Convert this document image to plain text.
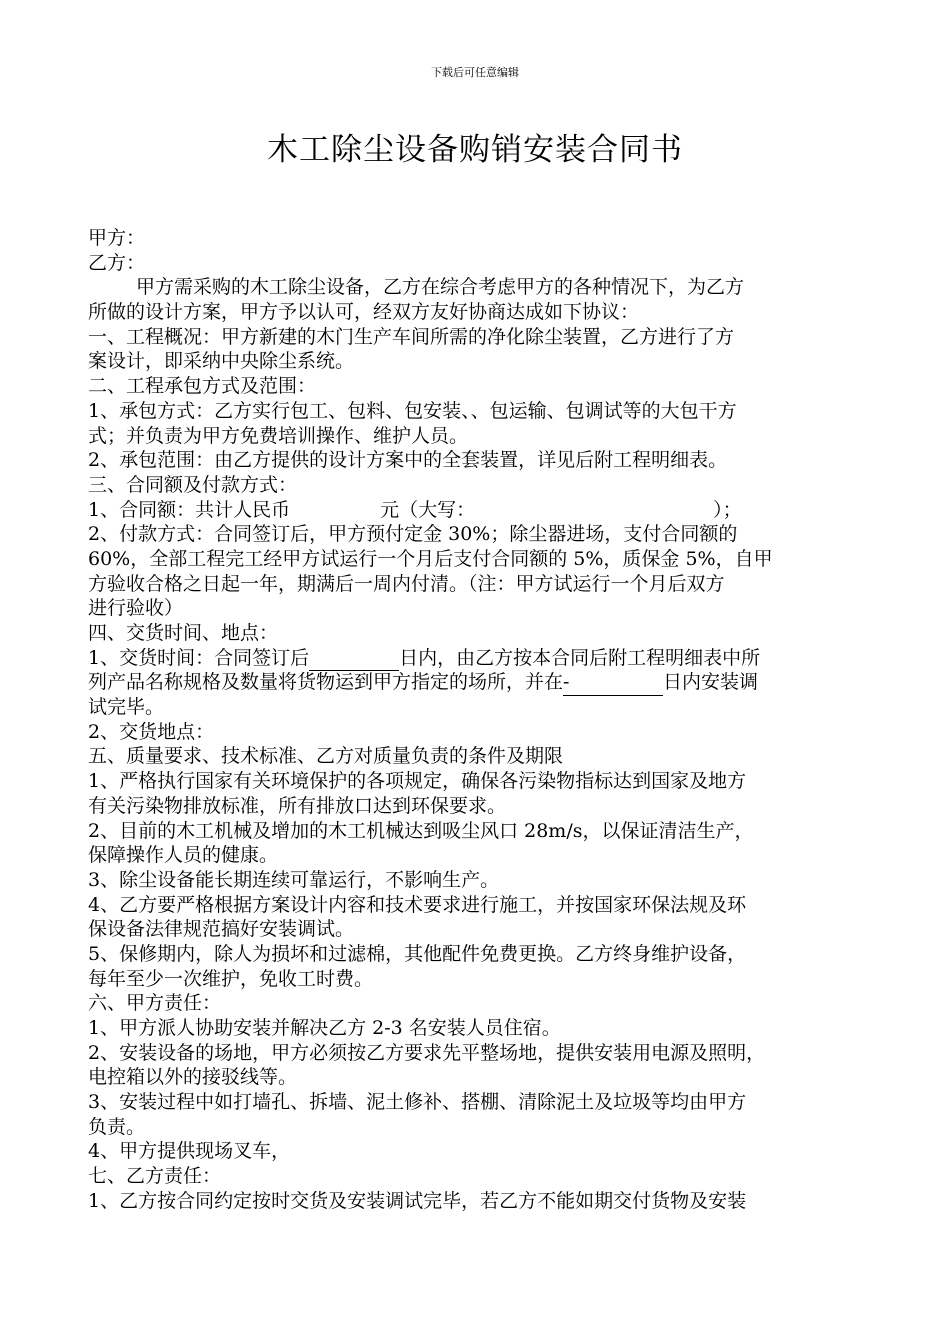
下载后可任意编辑
木工除尘设备购销安装合同书
甲方：
乙方：
甲方需采购的木工除尘设备，乙方在综合考虑甲方的各种情况下，为乙方
所做的设计方案，甲方予以认可，经双方友好协商达成如下协议：
一、工程概况：甲方新建的木门生产车间所需的净化除尘装置，乙方进行了方
案设计，即采纳中央除尘系统。
二、工程承包方式及范围：
1、承包方式：乙方实行包工、包料、包安装、、包运输、包调试等的大包干方
式；并负责为甲方免费培训操作、维护人员。
2、承包范围：由乙方提供的设计方案中的全套装置，详见后附工程明细表。
三、合同额及付款方式：
1、合同额：共计人民币	元（大写：	）；
2、付款方式：合同签订后，甲方预付定金 30%；除尘器进场，支付合同额的
60%，全部工程完工经甲方试运行一个月后支付合同额的 5%，质保金 5%，自甲
方验收合格之日起一年，期满后一周内付清。（注：甲方试运行一个月后双方
进行验收）
四、交货时间、地点：
1、交货时间：合同签订后	日内，由乙方按本合同后附工程明细表中所
列产品名称规格及数量将货物运到甲方指定的场所，并在-	日内安装调
试完毕。
2、交货地点：
五、质量要求、技术标准、乙方对质量负责的条件及期限
1、严格执行国家有关环境保护的各项规定，确保各污染物指标达到国家及地方
有关污染物排放标准，所有排放口达到环保要求。
2、目前的木工机械及增加的木工机械达到吸尘风口 28m/s，以保证清洁生产，
保障操作人员的健康。
3、除尘设备能长期连续可靠运行，不影响生产。
4、乙方要严格根据方案设计内容和技术要求进行施工，并按国家环保法规及环
保设备法律规范搞好安装调试。
5、保修期内，除人为损坏和过滤棉，其他配件免费更换。乙方终身维护设备，
每年至少一次维护，免收工时费。
六、甲方责任：
1、甲方派人协助安装并解决乙方 2-3 名安装人员住宿。
2、安装设备的场地，甲方必须按乙方要求先平整场地，提供安装用电源及照明，
电控箱以外的接驳线等。
3、安装过程中如打墙孔、拆墙、泥土修补、搭棚、清除泥土及垃圾等均由甲方
负责。
4、甲方提供现场叉车，
七、乙方责任：
1、乙方按合同约定按时交货及安装调试完毕，若乙方不能如期交付货物及安装
